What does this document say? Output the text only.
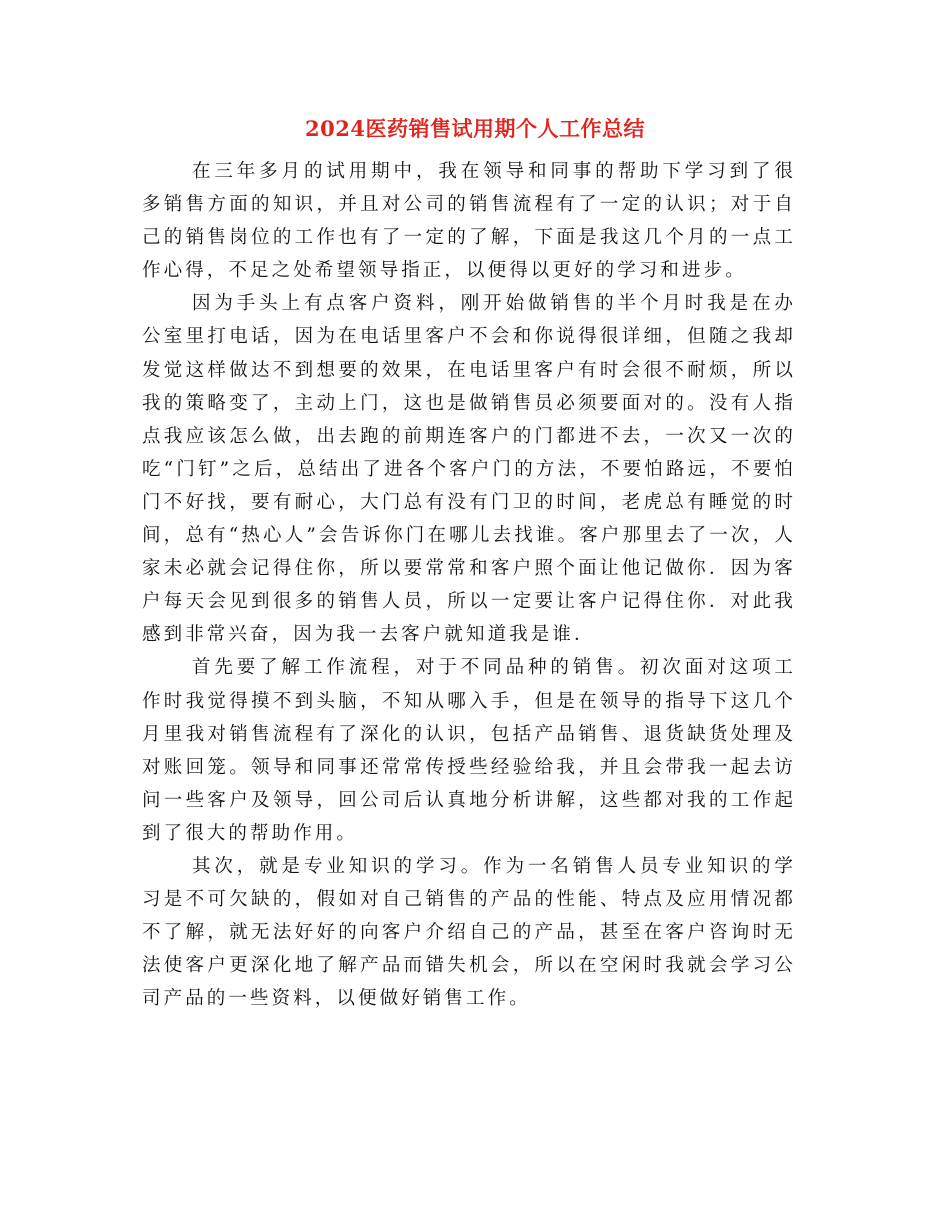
2024医药销售试用期个人工作总结

在三年多月的试用期中，我在领导和同事的帮助下学习到了很多销售方面的知识，并且对公司的销售流程有了一定的认识；对于自己的销售岗位的工作也有了一定的了解，下面是我这几个月的一点工作心得，不足之处希望领导指正，以便得以更好的学习和进步。

因为手头上有点客户资料，刚开始做销售的半个月时我是在办公室里打电话，因为在电话里客户不会和你说得很详细，但随之我却发觉这样做达不到想要的效果，在电话里客户有时会很不耐烦，所以我的策略变了，主动上门，这也是做销售员必须要面对的。没有人指点我应该怎么做，出去跑的前期连客户的门都进不去，一次又一次的吃“门钉”之后，总结出了进各个客户门的方法，不要怕路远，不要怕门不好找，要有耐心，大门总有没有门卫的时间，老虎总有睡觉的时间，总有“热心人”会告诉你门在哪儿去找谁。客户那里去了一次，人家未必就会记得住你，所以要常常和客户照个面让他记做你．因为客户每天会见到很多的销售人员，所以一定要让客户记得住你．对此我感到非常兴奋，因为我一去客户就知道我是谁．

首先要了解工作流程，对于不同品种的销售。初次面对这项工作时我觉得摸不到头脑，不知从哪入手，但是在领导的指导下这几个月里我对销售流程有了深化的认识，包括产品销售、退货缺货处理及对账回笼。领导和同事还常常传授些经验给我，并且会带我一起去访问一些客户及领导，回公司后认真地分析讲解，这些都对我的工作起到了很大的帮助作用。

其次，就是专业知识的学习。作为一名销售人员专业知识的学习是不可欠缺的，假如对自己销售的产品的性能、特点及应用情况都不了解，就无法好好的向客户介绍自己的产品，甚至在客户咨询时无法使客户更深化地了解产品而错失机会，所以在空闲时我就会学习公司产品的一些资料，以便做好销售工作。
